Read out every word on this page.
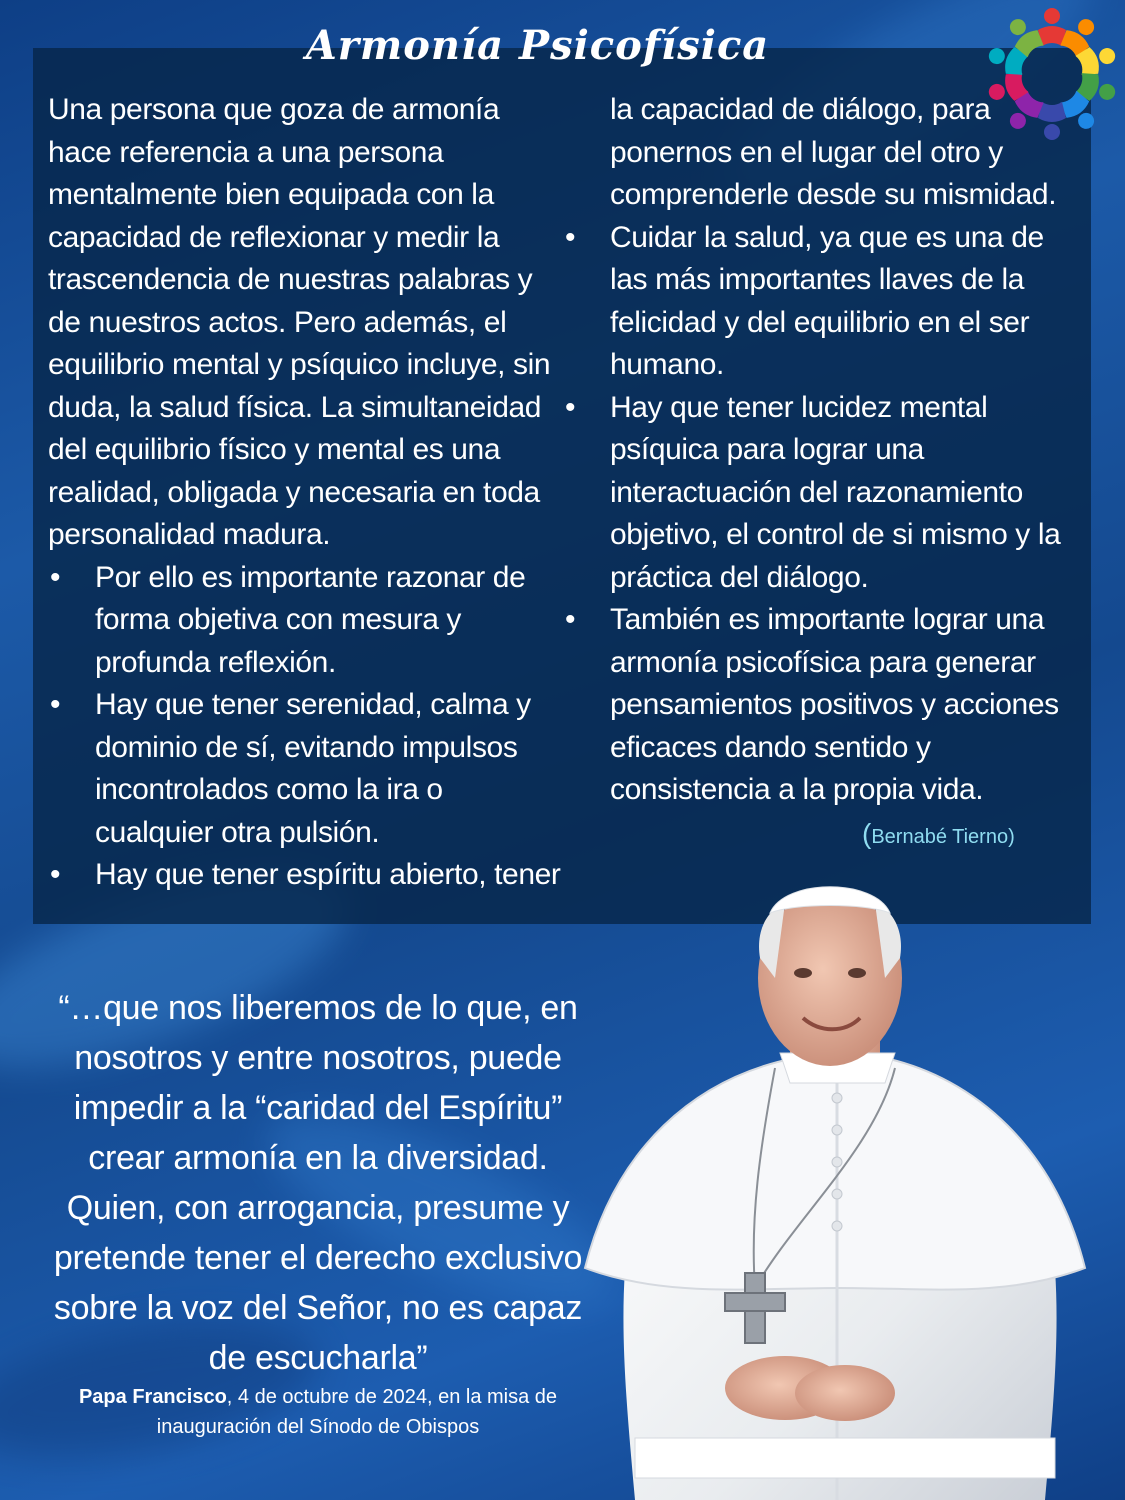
Armonía Psicofísica

Una persona que goza de armonía hace referencia a una persona mentalmente bien equipada con la capacidad de reflexionar y medir la trascendencia de nuestras palabras y de nuestros actos. Pero además, el equilibrio mental y psíquico incluye, sin duda, la salud física. La simultaneidad del equilibrio físico y mental es una realidad, obligada y necesaria en toda personalidad madura.

• Por ello es importante razonar de forma objetiva con mesura y profunda reflexión.
• Hay que tener serenidad, calma y dominio de sí, evitando impulsos incontrolados como la ira o cualquier otra pulsión.
• Hay que tener espíritu abierto, tener
la capacidad de diálogo, para ponernos en el lugar del otro y comprenderle desde su mismidad.
• Cuidar la salud, ya que es una de las más importantes llaves de la felicidad y del equilibrio en el ser humano.
• Hay que tener lucidez mental psíquica para lograr una interactuación del razonamiento objetivo, el control de si mismo y la práctica del diálogo.
• También es importante lograr una armonía psicofísica para generar pensamientos positivos y acciones eficaces dando sentido y consistencia a la propia vida.
(Bernabé Tierno)
“…que nos liberemos de lo que, en nosotros y entre nosotros, puede impedir a la “caridad del Espíritu” crear armonía en la diversidad. Quien, con arrogancia, presume y pretende tener el derecho exclusivo sobre la voz del Señor, no es capaz de escucharla”
Papa Francisco, 4 de octubre de 2024, en la misa de inauguración del Sínodo de Obispos
